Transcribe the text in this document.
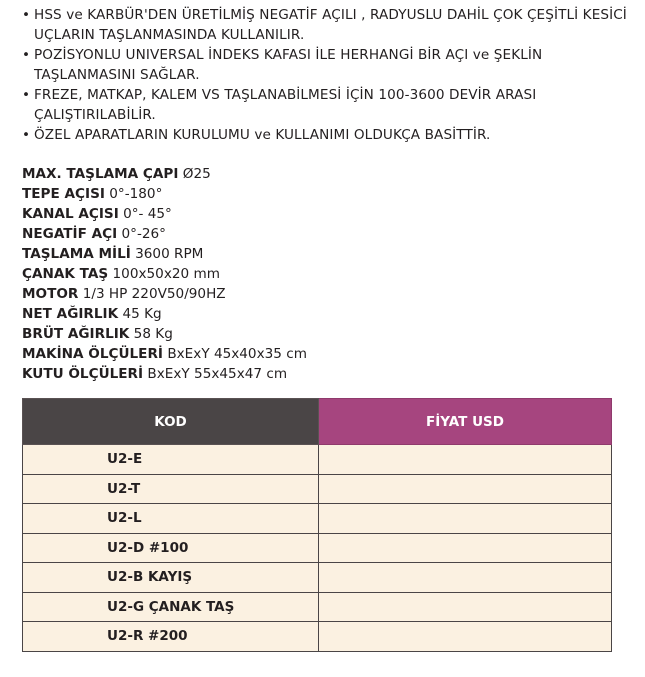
• HSS ve KARBÜR'DEN ÜRETİLMİŞ NEGATİF AÇILI , RADYUSLU DAHİL ÇOK ÇEŞİTLİ KESİCİ UÇLARIN TAŞLANMASINDA KULLANILIR.
• POZİSYONLU UNIVERSAL İNDEKS KAFASI İLE HERHANGİ BİR AÇI ve ŞEKLİN TAŞLANMASINI SAĞLAR.
• FREZE, MATKAP, KALEM VS TAŞLANABİLMESİ İÇİN 100-3600 DEVİR ARASI ÇALIŞTIRILABİLİR.
• ÖZEL APARATLARIN KURULUMU ve KULLANIMI OLDUKÇA BASİTTİR.
MAX. TAŞLAMA ÇAPI Ø25
TEPE AÇISI 0°-180°
KANAL AÇISI 0°- 45°
NEGATİF AÇI 0°-26°
TAŞLAMA MİLİ 3600 RPM
ÇANAK TAŞ 100x50x20 mm
MOTOR 1/3 HP 220V50/90HZ
NET AĞIRLIK 45 Kg
BRÜT AĞIRLIK 58 Kg
MAKİNA ÖLÇÜLERİ BxExY 45x40x35 cm
KUTU ÖLÇÜLERİ BxExY 55x45x47 cm
KOD	FİYAT USD
U2-E	
U2-T	
U2-L	
U2-D #100	
U2-B KAYIŞ	
U2-G ÇANAK TAŞ	
U2-R #200	
